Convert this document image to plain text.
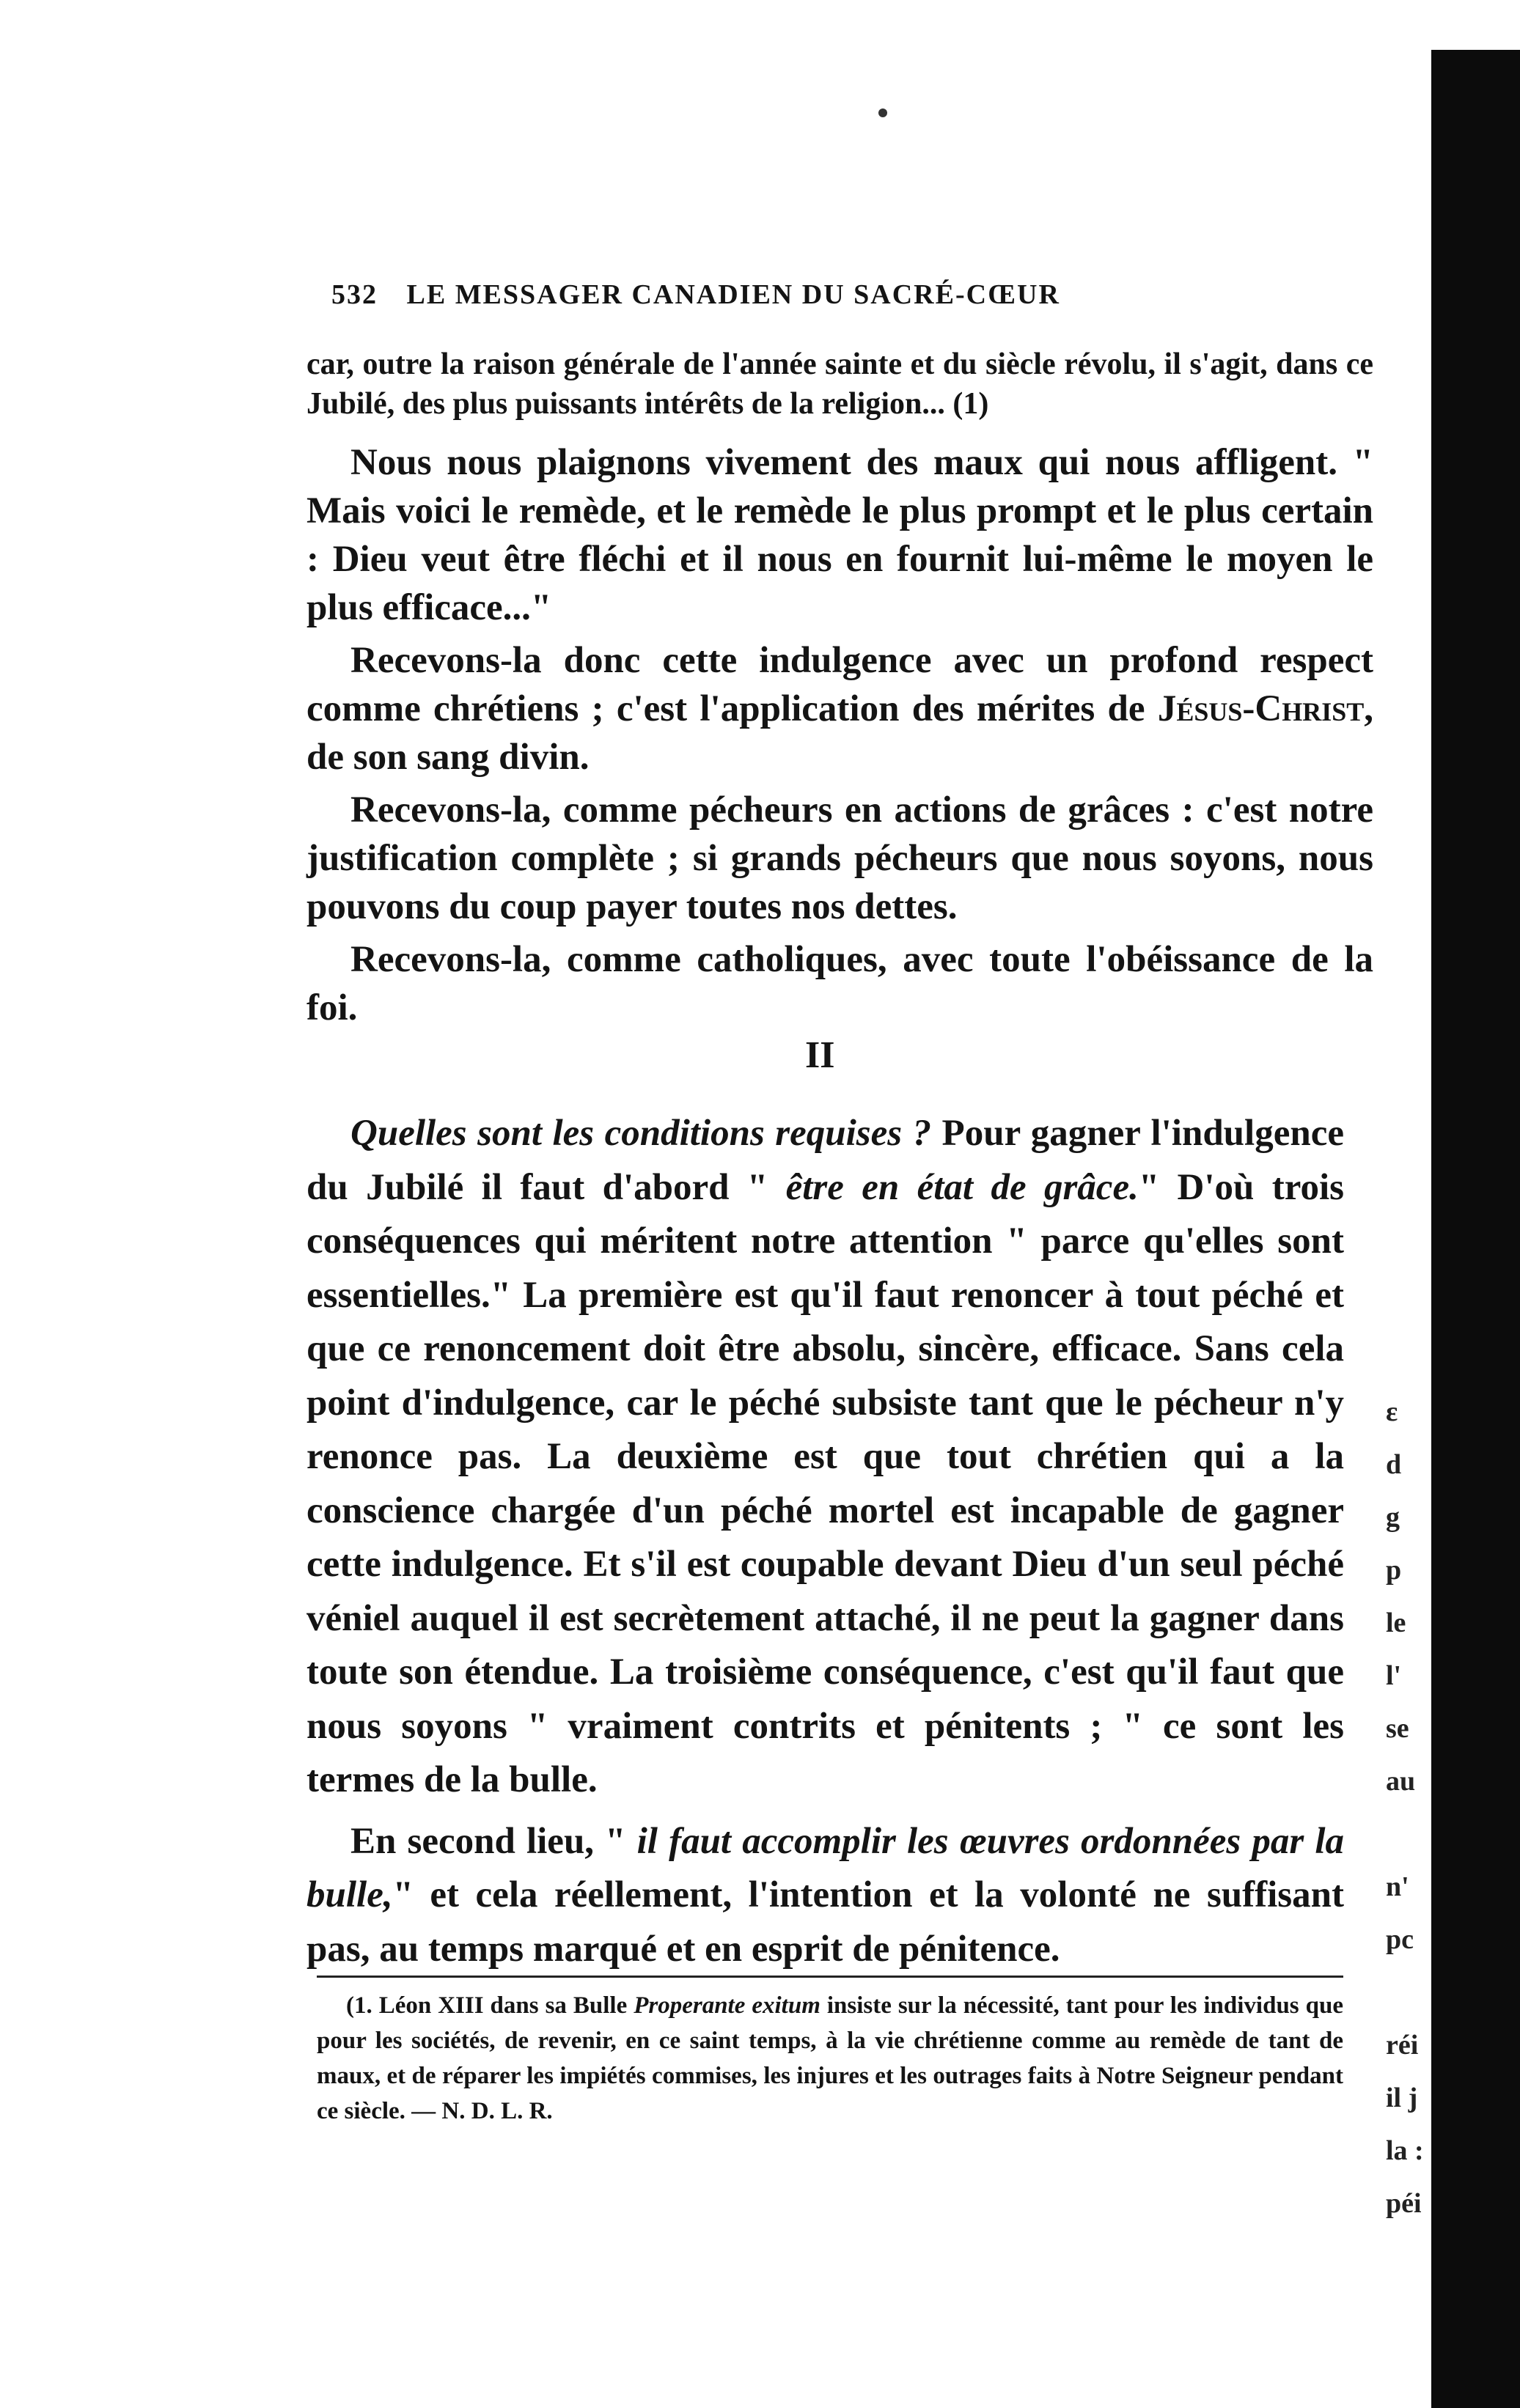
532 LE MESSAGER CANADIEN DU SACRÉ-CŒUR

car, outre la raison générale de l'année sainte et du siècle révolu, il s'agit, dans ce Jubilé, des plus puissants intérêts de la religion... (1)

Nous nous plaignons vivement des maux qui nous affligent. " Mais voici le remède, et le remède le plus prompt et le plus certain : Dieu veut être fléchi et il nous en fournit lui-même le moyen le plus efficace..."

Recevons-la donc cette indulgence avec un profond respect comme chrétiens ; c'est l'application des mérites de Jésus-Christ, de son sang divin.

Recevons-la, comme pécheurs en actions de grâces : c'est notre justification complète ; si grands pécheurs que nous soyons, nous pouvons du coup payer toutes nos dettes.

Recevons-la, comme catholiques, avec toute l'obéissance de la foi.

II

Quelles sont les conditions requises ? Pour gagner l'indulgence du Jubilé il faut d'abord " être en état de grâce." D'où trois conséquences qui méritent notre attention " parce qu'elles sont essentielles." La première est qu'il faut renoncer à tout péché et que ce renoncement doit être absolu, sincère, efficace. Sans cela point d'indulgence, car le péché subsiste tant que le pécheur n'y renonce pas. La deuxième est que tout chrétien qui a la conscience chargée d'un péché mortel est incapable de gagner cette indulgence. Et s'il est coupable devant Dieu d'un seul péché véniel auquel il est secrètement attaché, il ne peut la gagner dans toute son étendue. La troisième conséquence, c'est qu'il faut que nous soyons " vraiment contrits et pénitents ; " ce sont les termes de la bulle.

En second lieu, " il faut accomplir les œuvres ordonnées par la bulle," et cela réellement, l'intention et la volonté ne suffisant pas, au temps marqué et en esprit de pénitence.

(1. Léon XIII dans sa Bulle Properante exitum insiste sur la nécessité, tant pour les individus que pour les sociétés, de revenir, en ce saint temps, à la vie chrétienne comme au remède de tant de maux, et de réparer les impiétés commises, les injures et les outrages faits à Notre Seigneur pendant ce siècle. — N. D. L. R.

ε
d
g
p
le
l'
se
au
n'
pc
réi
il j
la :
péi
